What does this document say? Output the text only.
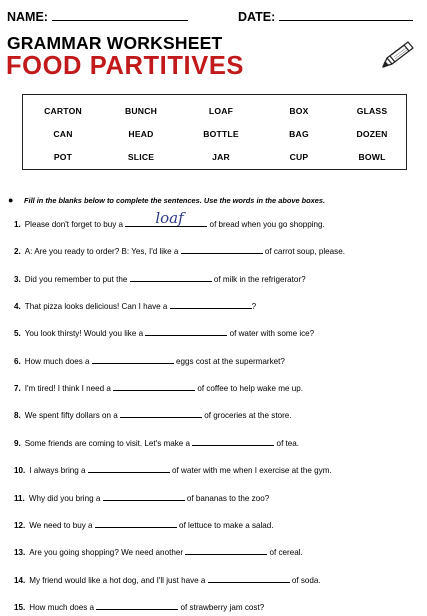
NAME:	DATE:
GRAMMAR WORKSHEET
FOOD PARTITIVES
CARTON	BUNCH	LOAF	BOX	GLASS
CAN	HEAD	BOTTLE	BAG	DOZEN
POT	SLICE	JAR	CUP	BOWL
● Fill in the blanks below to complete the sentences. Use the words in the above boxes.
1. Please don't forget to buy a loaf	of bread when you go shopping.
2. A: Are you ready to order? B: Yes, I'd like a	of carrot soup, please.
3. Did you remember to put the	of milk in the refrigerator?
4. That pizza looks delicious! Can I have a	?
5. You look thirsty! Would you like a	of water with some ice?
6. How much does a	eggs cost at the supermarket?
7. I'm tired! I think I need a	of coffee to help wake me up.
8. We spent fifty dollars on a	of groceries at the store.
9. Some friends are coming to visit. Let's make a	of tea.
10. I always bring a	of water with me when I exercise at the gym.
11. Why did you bring a	of bananas to the zoo?
12. We need to buy a	of lettuce to make a salad.
13. Are you going shopping? We need another	of cereal.
14. My friend would like a hot dog, and I'll just have a	of soda.
15. How much does a	of strawberry jam cost?
